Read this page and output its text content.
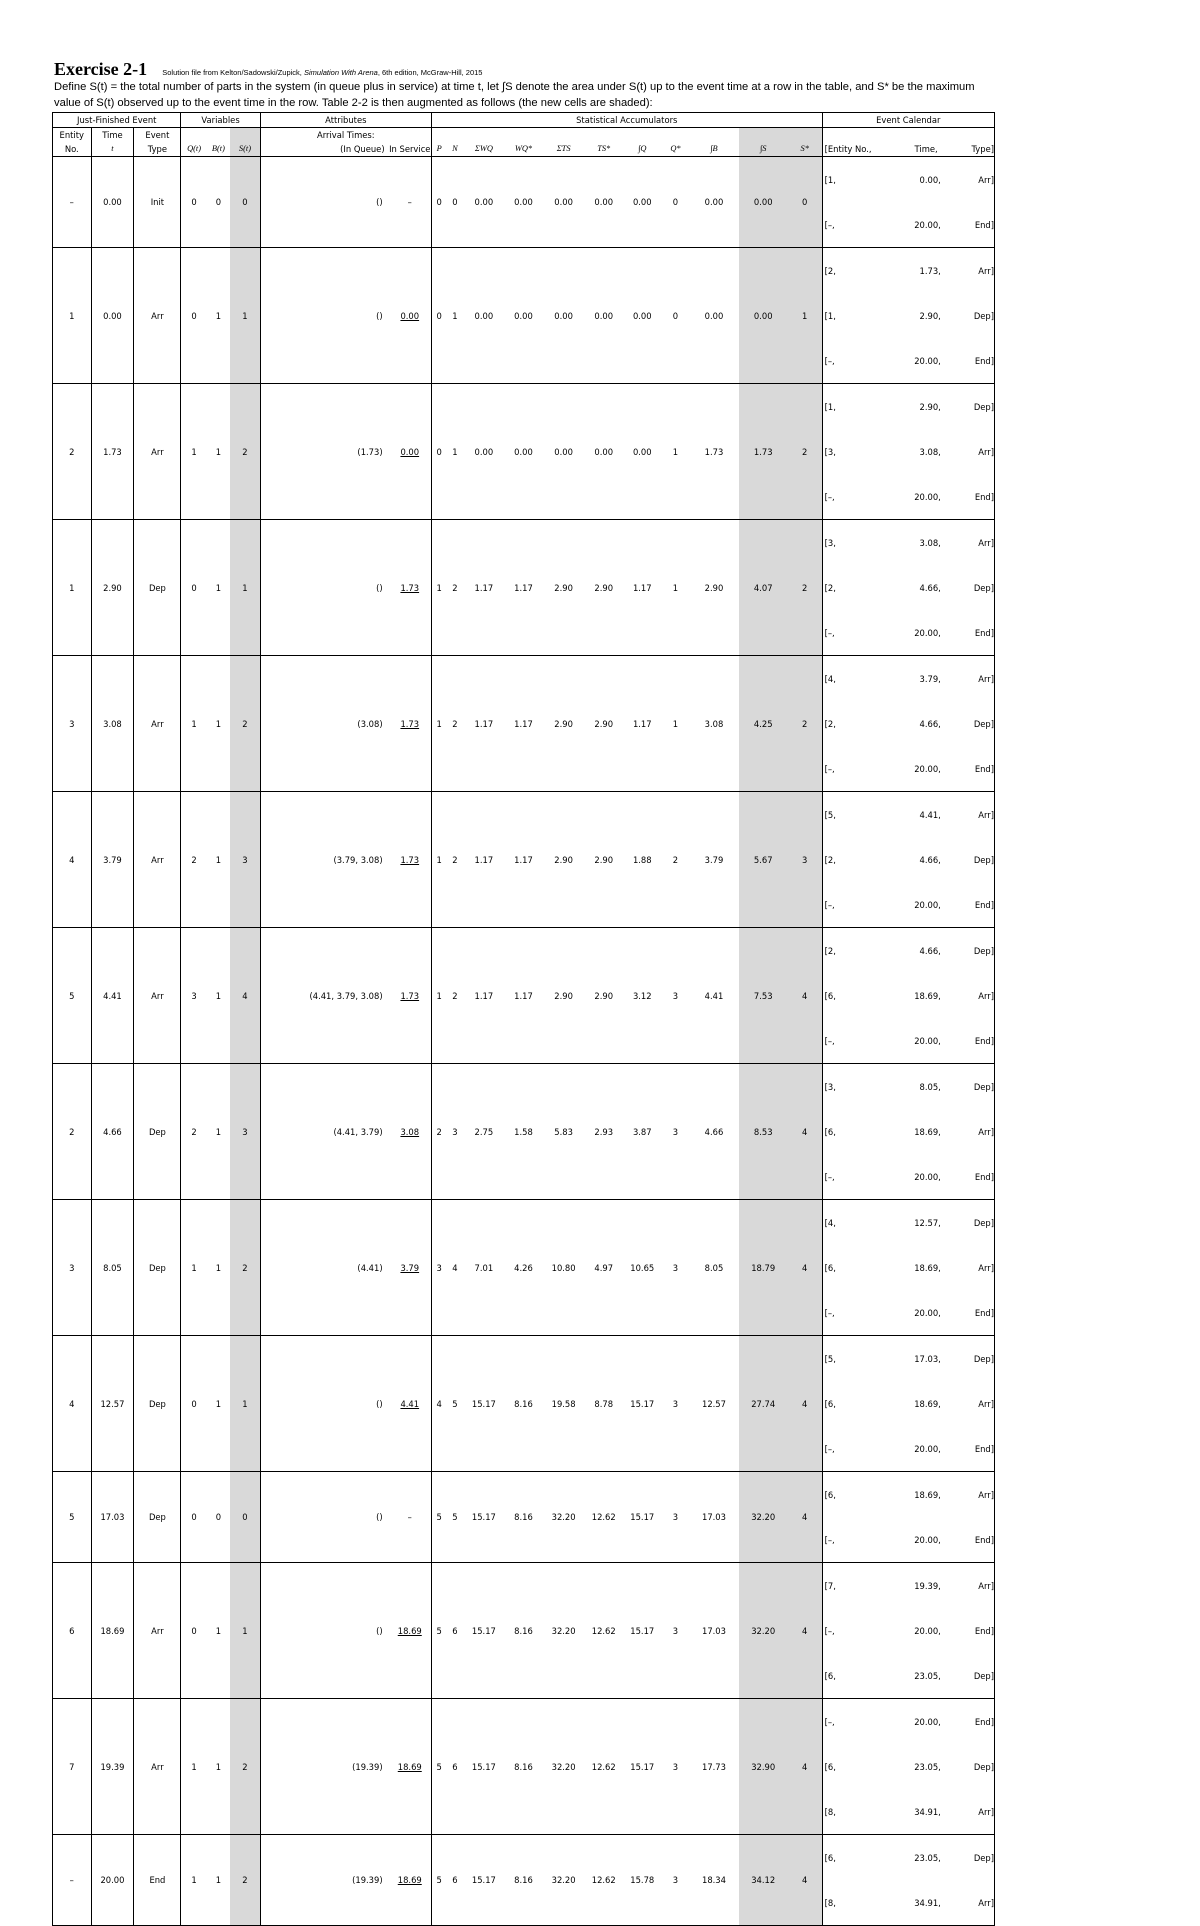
Exercise 2-1 Solution file from Kelton/Sadowski/Zupick, Simulation With Arena, 6th edition, McGraw-Hill, 2015
Define S(t) = the total number of parts in the system (in queue plus in service) at time t, let ∫S denote the area under S(t) up to the event time at a row in the table, and S* be the maximum
value of S(t) observed up to the event time in the row. Table 2-2 is then augmented as follows (the new cells are shaded):
Just-Finished Event	Variables	Attributes	Statistical Accumulators	Event Calendar
Entity	Time	Event				Arrival Times:														
No.	t	Type	Q(t)	B(t)	S(t)	(In Queue)	In Service	P	N	ΣWQ	WQ*	ΣTS	TS*	∫Q	Q*	∫B	∫S	S*	[Entity No.,	Time,	Type]
–	0.00	Init	0	0	0	()	–	0	0	0.00	0.00	0.00	0.00	0.00	0	0.00	0.00	0	
[1,	0.00,	Arr]
[–,	20.00,	End]

1	0.00	Arr	0	1	1	()	0.00	0	1	0.00	0.00	0.00	0.00	0.00	0	0.00	0.00	1	
[2,	1.73,	Arr]
[1,	2.90,	Dep]
[–,	20.00,	End]

2	1.73	Arr	1	1	2	(1.73)	0.00	0	1	0.00	0.00	0.00	0.00	0.00	1	1.73	1.73	2	
[1,	2.90,	Dep]
[3,	3.08,	Arr]
[–,	20.00,	End]

1	2.90	Dep	0	1	1	()	1.73	1	2	1.17	1.17	2.90	2.90	1.17	1	2.90	4.07	2	
[3,	3.08,	Arr]
[2,	4.66,	Dep]
[–,	20.00,	End]

3	3.08	Arr	1	1	2	(3.08)	1.73	1	2	1.17	1.17	2.90	2.90	1.17	1	3.08	4.25	2	
[4,	3.79,	Arr]
[2,	4.66,	Dep]
[–,	20.00,	End]

4	3.79	Arr	2	1	3	(3.79, 3.08)	1.73	1	2	1.17	1.17	2.90	2.90	1.88	2	3.79	5.67	3	
[5,	4.41,	Arr]
[2,	4.66,	Dep]
[–,	20.00,	End]

5	4.41	Arr	3	1	4	(4.41, 3.79, 3.08)	1.73	1	2	1.17	1.17	2.90	2.90	3.12	3	4.41	7.53	4	
[2,	4.66,	Dep]
[6,	18.69,	Arr]
[–,	20.00,	End]

2	4.66	Dep	2	1	3	(4.41, 3.79)	3.08	2	3	2.75	1.58	5.83	2.93	3.87	3	4.66	8.53	4	
[3,	8.05,	Dep]
[6,	18.69,	Arr]
[–,	20.00,	End]

3	8.05	Dep	1	1	2	(4.41)	3.79	3	4	7.01	4.26	10.80	4.97	10.65	3	8.05	18.79	4	
[4,	12.57,	Dep]
[6,	18.69,	Arr]
[–,	20.00,	End]

4	12.57	Dep	0	1	1	()	4.41	4	5	15.17	8.16	19.58	8.78	15.17	3	12.57	27.74	4	
[5,	17.03,	Dep]
[6,	18.69,	Arr]
[–,	20.00,	End]

5	17.03	Dep	0	0	0	()	–	5	5	15.17	8.16	32.20	12.62	15.17	3	17.03	32.20	4	
[6,	18.69,	Arr]
[–,	20.00,	End]

6	18.69	Arr	0	1	1	()	18.69	5	6	15.17	8.16	32.20	12.62	15.17	3	17.03	32.20	4	
[7,	19.39,	Arr]
[–,	20.00,	End]
[6,	23.05,	Dep]

7	19.39	Arr	1	1	2	(19.39)	18.69	5	6	15.17	8.16	32.20	12.62	15.17	3	17.73	32.90	4	
[–,	20.00,	End]
[6,	23.05,	Dep]
[8,	34.91,	Arr]

–	20.00	End	1	1	2	(19.39)	18.69	5	6	15.17	8.16	32.20	12.62	15.78	3	18.34	34.12	4	
[6,	23.05,	Dep]
[8,	34.91,	Arr]
